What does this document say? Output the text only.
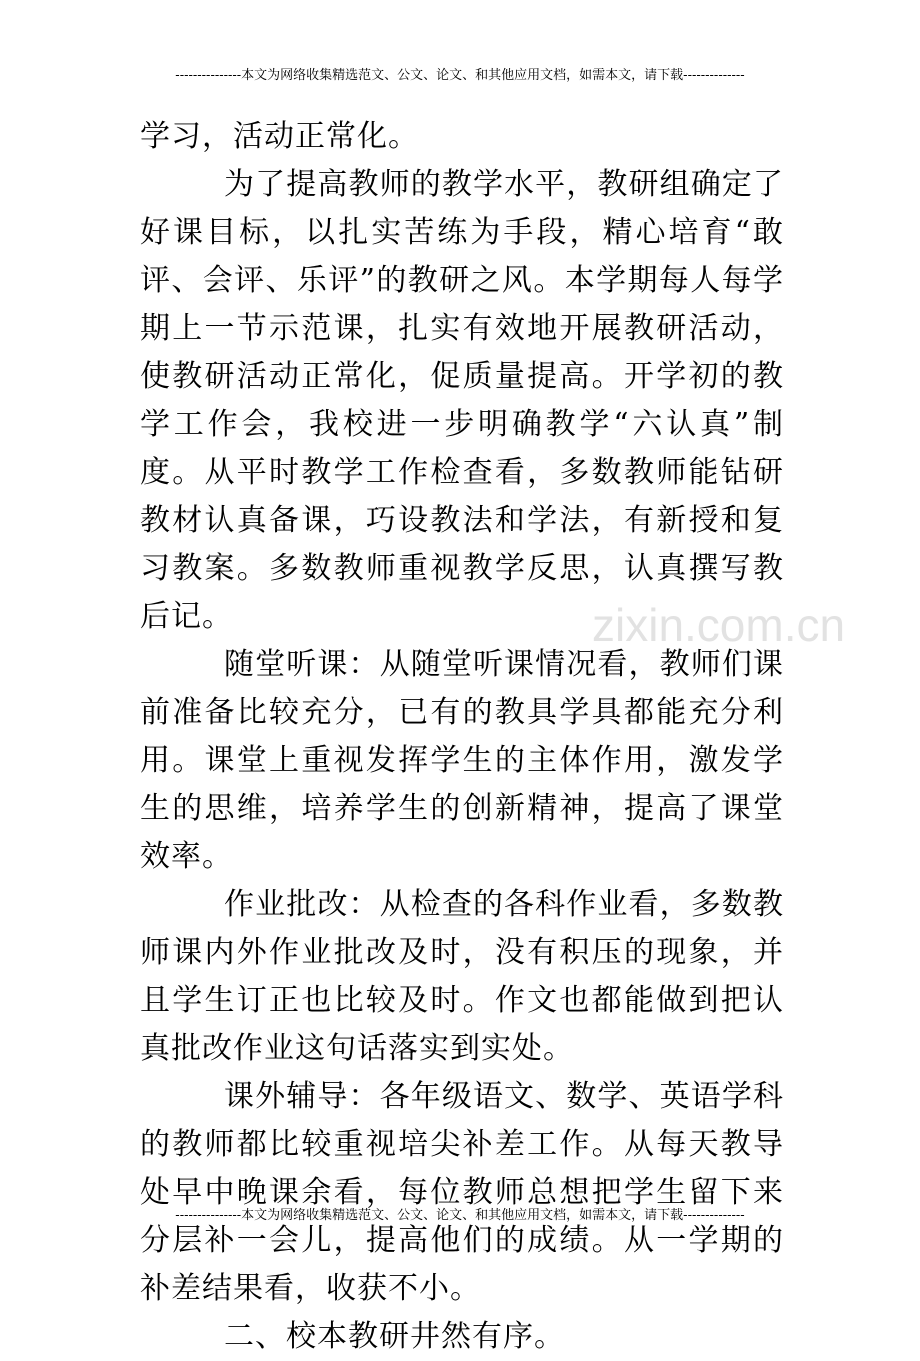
---------------本文为网络收集精选范文、公文、论文、和其他应用文档，如需本文，请下载--------------

学习，活动正常化。

为了提高教师的教学水平，教研组确定了好课目标，以扎实苦练为手段，精心培育“敢评、会评、乐评”的教研之风。本学期每人每学期上一节示范课，扎实有效地开展教研活动，使教研活动正常化，促质量提高。开学初的教学工作会，我校进一步明确教学“六认真”制度。从平时教学工作检查看，多数教师能钻研教材认真备课，巧设教法和学法，有新授和复习教案。多数教师重视教学反思，认真撰写教后记。

随堂听课：从随堂听课情况看，教师们课前准备比较充分，已有的教具学具都能充分利用。课堂上重视发挥学生的主体作用，激发学生的思维，培养学生的创新精神，提高了课堂效率。

作业批改：从检查的各科作业看，多数教师课内外作业批改及时，没有积压的现象，并且学生订正也比较及时。作文也都能做到把认真批改作业这句话落实到实处。

课外辅导：各年级语文、数学、英语学科的教师都比较重视培尖补差工作。从每天教导处早中晚课余看，每位教师总想把学生留下来分层补一会儿，提高他们的成绩。从一学期的补差结果看，收获不小。

二、校本教研井然有序。

zixin.com.cn
---------------本文为网络收集精选范文、公文、论文、和其他应用文档，如需本文，请下载--------------
